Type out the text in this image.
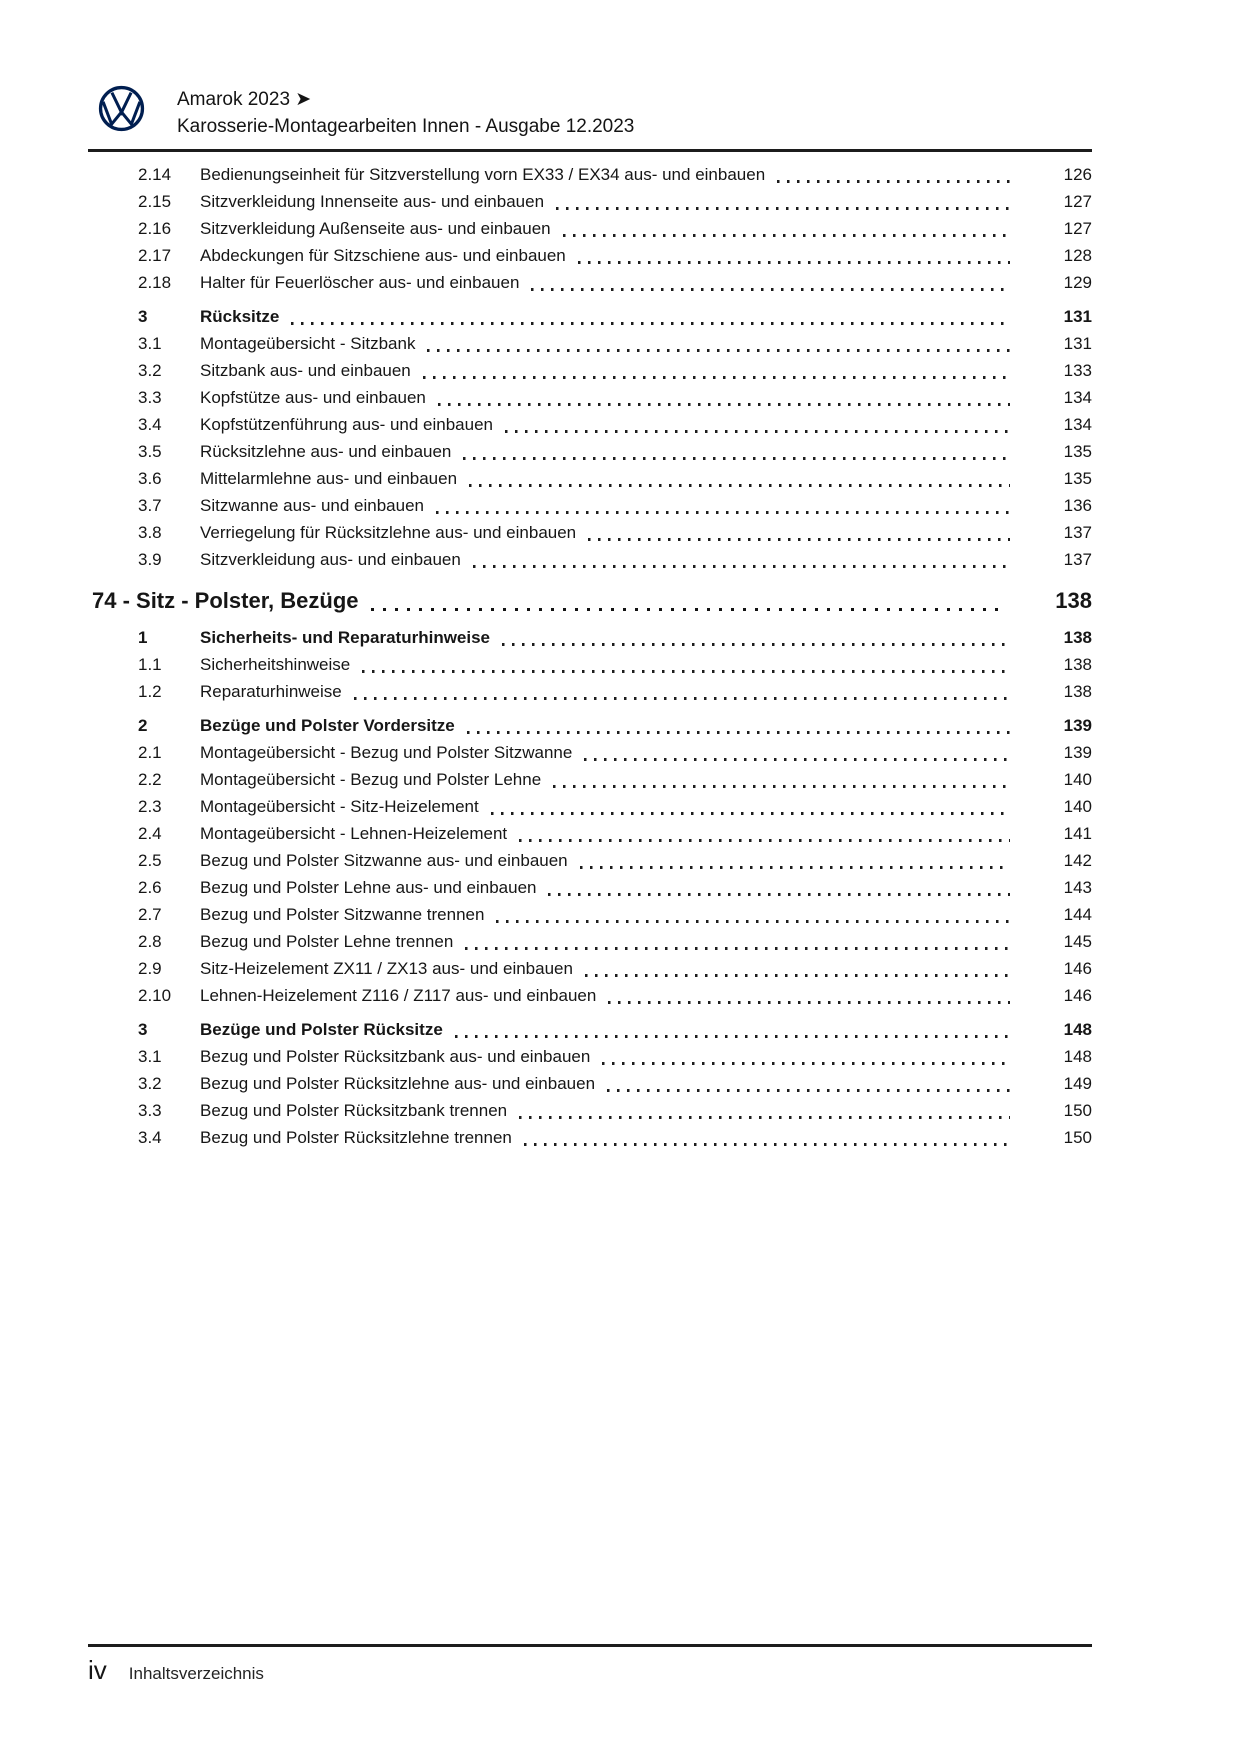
Amarok 2023 ➤
Karosserie-Montagearbeiten Innen - Ausgabe 12.2023
2.14	Bedienungseinheit für Sitzverstellung vorn EX33 / EX34 aus- und einbauen	126
2.15	Sitzverkleidung Innenseite aus- und einbauen	127
2.16	Sitzverkleidung Außenseite aus- und einbauen	127
2.17	Abdeckungen für Sitzschiene aus- und einbauen	128
2.18	Halter für Feuerlöscher aus- und einbauen	129
3	Rücksitze	131
3.1	Montageübersicht - Sitzbank	131
3.2	Sitzbank aus- und einbauen	133
3.3	Kopfstütze aus- und einbauen	134
3.4	Kopfstützenführung aus- und einbauen	134
3.5	Rücksitzlehne aus- und einbauen	135
3.6	Mittelarmlehne aus- und einbauen	135
3.7	Sitzwanne aus- und einbauen	136
3.8	Verriegelung für Rücksitzlehne aus- und einbauen	137
3.9	Sitzverkleidung aus- und einbauen	137
74 - Sitz - Polster, Bezüge	138
1	Sicherheits- und Reparaturhinweise	138
1.1	Sicherheitshinweise	138
1.2	Reparaturhinweise	138
2	Bezüge und Polster Vordersitze	139
2.1	Montageübersicht - Bezug und Polster Sitzwanne	139
2.2	Montageübersicht - Bezug und Polster Lehne	140
2.3	Montageübersicht - Sitz-Heizelement	140
2.4	Montageübersicht - Lehnen-Heizelement	141
2.5	Bezug und Polster Sitzwanne aus- und einbauen	142
2.6	Bezug und Polster Lehne aus- und einbauen	143
2.7	Bezug und Polster Sitzwanne trennen	144
2.8	Bezug und Polster Lehne trennen	145
2.9	Sitz-Heizelement ZX11 / ZX13 aus- und einbauen	146
2.10	Lehnen-Heizelement Z116 / Z117 aus- und einbauen	146
3	Bezüge und Polster Rücksitze	148
3.1	Bezug und Polster Rücksitzbank aus- und einbauen	148
3.2	Bezug und Polster Rücksitzlehne aus- und einbauen	149
3.3	Bezug und Polster Rücksitzbank trennen	150
3.4	Bezug und Polster Rücksitzlehne trennen	150
iv Inhaltsverzeichnis
